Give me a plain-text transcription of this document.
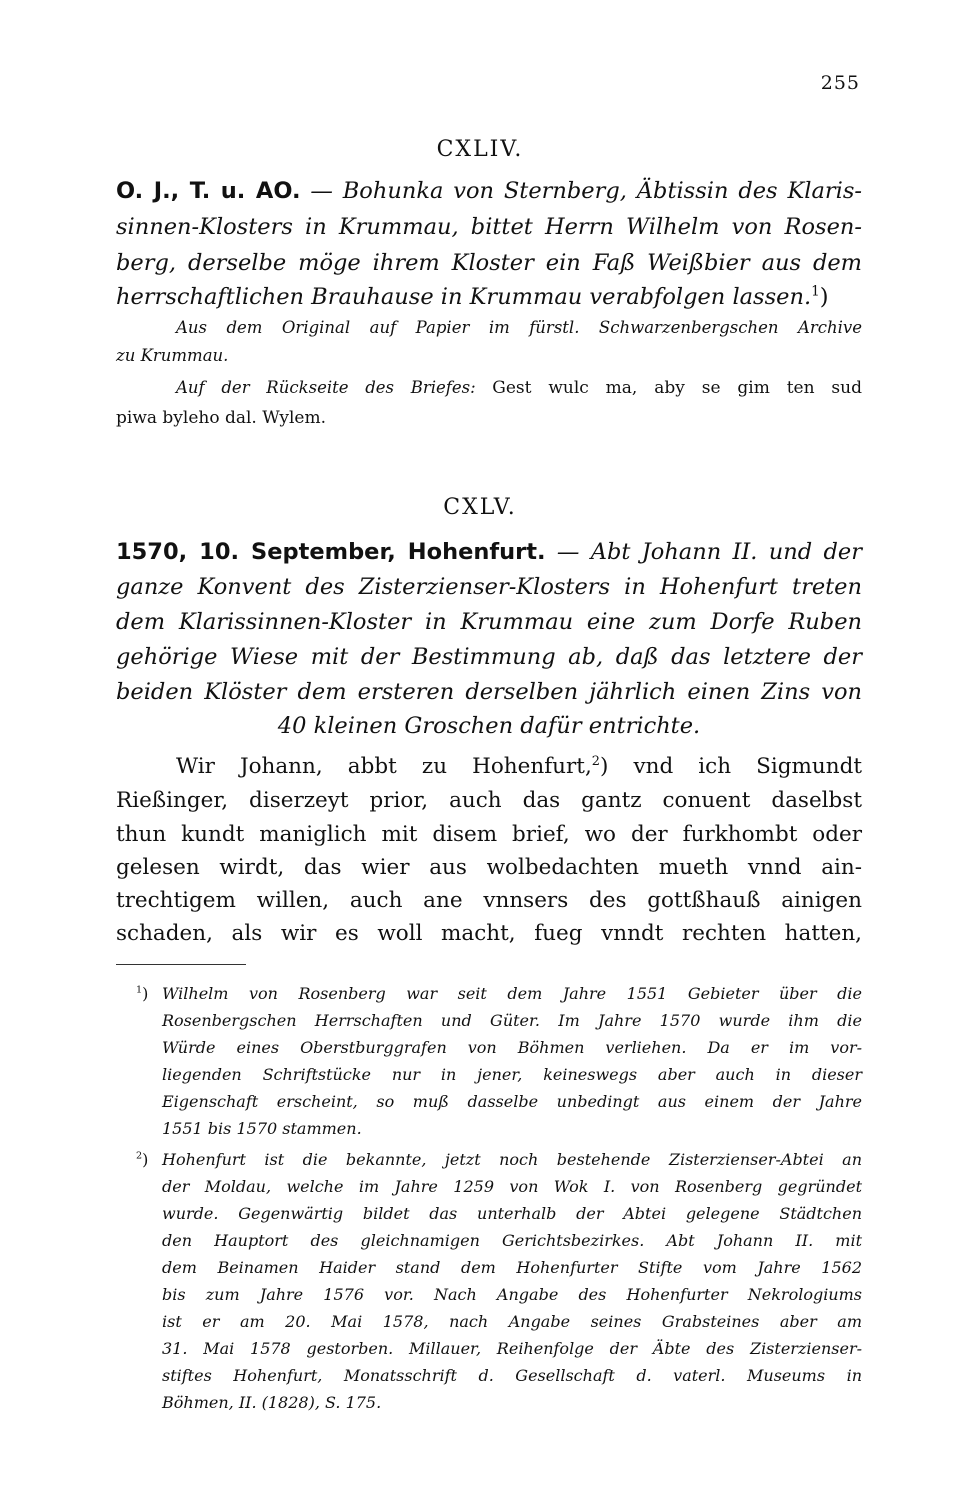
255
CXLIV.
O. J., T. u. AO. — Bohunka von Sternberg, Äbtissin des Klaris-
sinnen-Klosters in Krummau, bittet Herrn Wilhelm von Rosen-
berg, derselbe möge ihrem Kloster ein Faß Weißbier aus dem
herrschaftlichen Brauhause in Krummau verabfolgen lassen.$^1$)
Aus dem Original auf Papier im fürstl. Schwarzenbergschen Archive
zu Krummau.
Auf der Rückseite des Briefes: Gest wulc ma, aby se gim ten sud
piwa byleho dal. Wylem.
CXLV.
1570, 10. September, Hohenfurt. — Abt Johann II. und der
ganze Konvent des Zisterzienser-Klosters in Hohenfurt treten
dem Klarissinnen-Kloster in Krummau eine zum Dorfe Ruben
gehörige Wiese mit der Bestimmung ab, daß das letztere der
beiden Klöster dem ersteren derselben jährlich einen Zins von
40 kleinen Groschen dafür entrichte.
Wir Johann, abbt zu Hohenfurt,$^2$) vnd ich Sigmundt
Rießinger, diserzeyt prior, auch das gantz conuent daselbst
thun kundt maniglich mit disem brief, wo der furkhombt oder
gelesen wirdt, das wier aus wolbedachten mueth vnnd ain-
trechtigem willen, auch ane vnnsers des gottßhauß ainigen
schaden, als wir es woll macht, fueg vnndt rechten hatten,
$^1$) Wilhelm von Rosenberg war seit dem Jahre 1551 Gebieter über die
Rosenbergschen Herrschaften und Güter. Im Jahre 1570 wurde ihm die
Würde eines Oberstburggrafen von Böhmen verliehen. Da er im vor-
liegenden Schriftstücke nur in jener, keineswegs aber auch in dieser
Eigenschaft erscheint, so muß dasselbe unbedingt aus einem der Jahre
1551 bis 1570 stammen.
$^2$) Hohenfurt ist die bekannte, jetzt noch bestehende Zisterzienser-Abtei an
der Moldau, welche im Jahre 1259 von Wok I. von Rosenberg gegründet
wurde. Gegenwärtig bildet das unterhalb der Abtei gelegene Städtchen
den Hauptort des gleichnamigen Gerichtsbezirkes. Abt Johann II. mit
dem Beinamen Haider stand dem Hohenfurter Stifte vom Jahre 1562
bis zum Jahre 1576 vor. Nach Angabe des Hohenfurter Nekrologiums
ist er am 20. Mai 1578, nach Angabe seines Grabsteines aber am
31. Mai 1578 gestorben. Millauer, Reihenfolge der Äbte des Zisterzienser-
stiftes Hohenfurt, Monatsschrift d. Gesellschaft d. vaterl. Museums in
Böhmen, II. (1828), S. 175.
